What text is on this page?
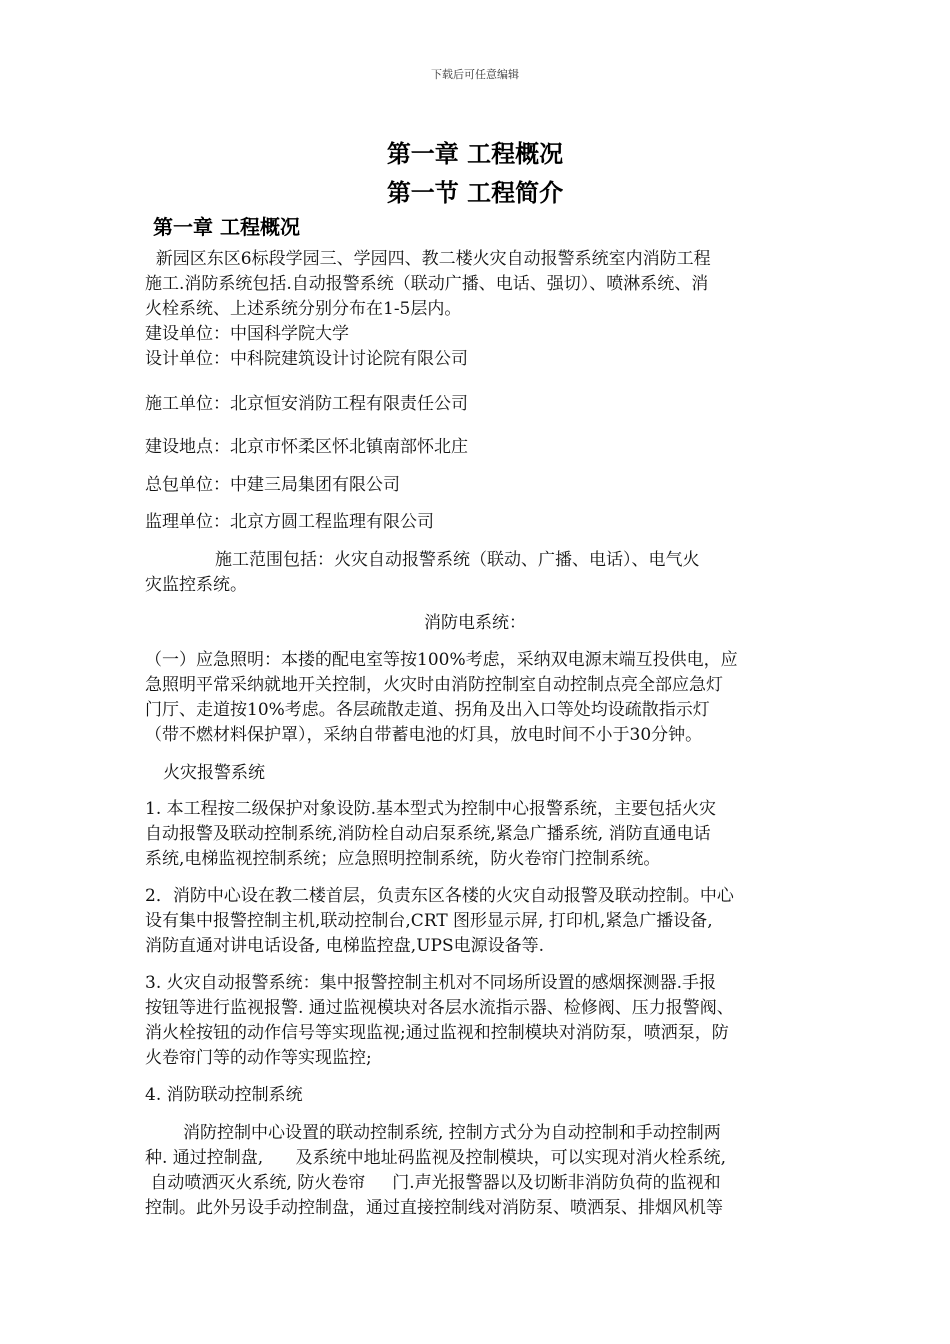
下载后可任意编辑
第一章 工程概况
第一节 工程简介
第一章 工程概况

新园区东区6标段学园三、学园四、教二楼火灾自动报警系统室内消防工程

施工.消防系统包括.自动报警系统（联动广播、电话、强切）、喷淋系统、消

火栓系统、上述系统分别分布在1-5层内。

建设单位：中国科学院大学
设计单位：中科院建筑设计讨论院有限公司
施工单位：北京恒安消防工程有限责任公司
建设地点：北京市怀柔区怀北镇南部怀北庄
总包单位：中建三局集团有限公司
监理单位：北京方圆工程监理有限公司

施工范围包括：火灾自动报警系统（联动、广播、电话）、电气火

灾监控系统。

消防电系统：

（一）应急照明：本搂的配电室等按100%考虑，采纳双电源末端互投供电，应

急照明平常采纳就地开关控制，火灾时由消防控制室自动控制点亮全部应急灯

门厅、走道按10%考虑。各层疏散走道、拐角及出入口等处均设疏散指示灯

（带不燃材料保护罩），采纳自带蓄电池的灯具，放电时间不小于30分钟。

火灾报警系统

1. 本工程按二级保护对象设防.基本型式为控制中心报警系统，主要包括火灾

自动报警及联动控制系统,消防栓自动启泵系统,紧急广播系统, 消防直通电话

系统,电梯监视控制系统；应急照明控制系统，防火卷帘门控制系统。

2．消防中心设在教二楼首层，负责东区各楼的火灾自动报警及联动控制。中心

设有集中报警控制主机,联动控制台,CRT 图形显示屏, 打印机,紧急广播设备,

消防直通对讲电话设备, 电梯监控盘,UPS电源设备等.

3. 火灾自动报警系统：集中报警控制主机对不同场所设置的感烟探测器.手报

按钮等进行监视报警. 通过监视模块对各层水流指示器、检修阀、压力报警阀、

消火栓按钮的动作信号等实现监视;通过监视和控制模块对消防泵，喷洒泵，防

火卷帘门等的动作等实现监控;

4. 消防联动控制系统

消防控制中心设置的联动控制系统, 控制方式分为自动控制和手动控制两

种. 通过控制盘,      及系统中地址码监视及控制模块，可以实现对消火栓系统,

自动喷洒灭火系统, 防火卷帘     门.声光报警器以及切断非消防负荷的监视和

控制。此外另设手动控制盘，通过直接控制线对消防泵、喷洒泵、排烟风机等
